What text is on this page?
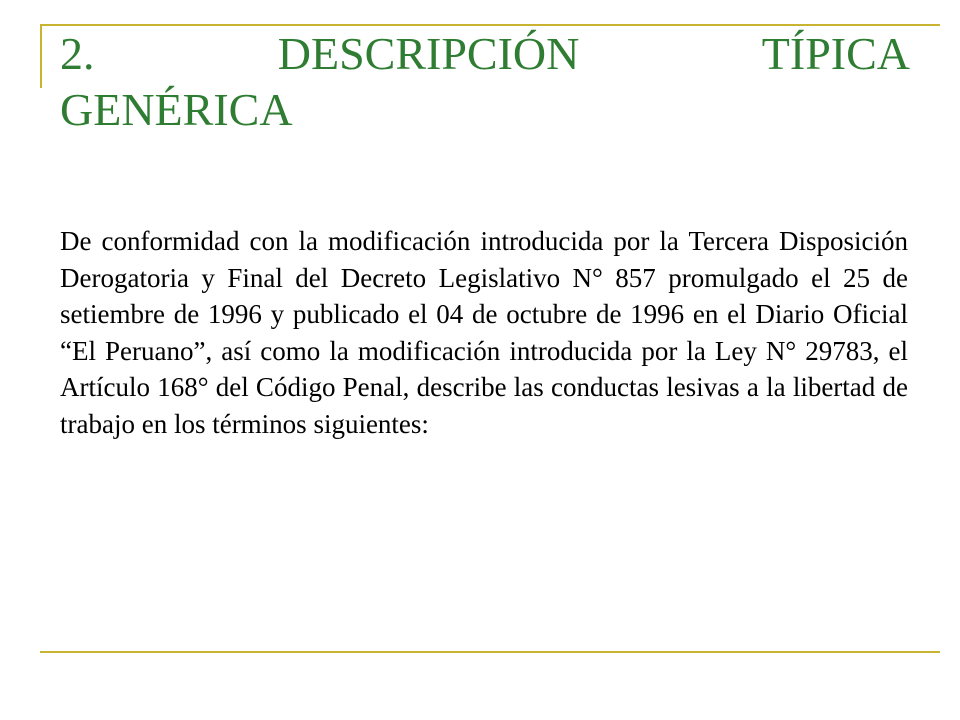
2. DESCRIPCIÓN TÍPICA
GENÉRICA

De conformidad con la modificación introducida por la Tercera Disposición Derogatoria y Final del Decreto Legislativo N° 857 promulgado el 25 de setiembre de 1996 y publicado el 04 de octubre de 1996 en el Diario Oficial “El Peruano”, así como la modificación introducida por la Ley N° 29783, el Artículo 168° del Código Penal, describe las conductas lesivas a la libertad de trabajo en los términos siguientes:
